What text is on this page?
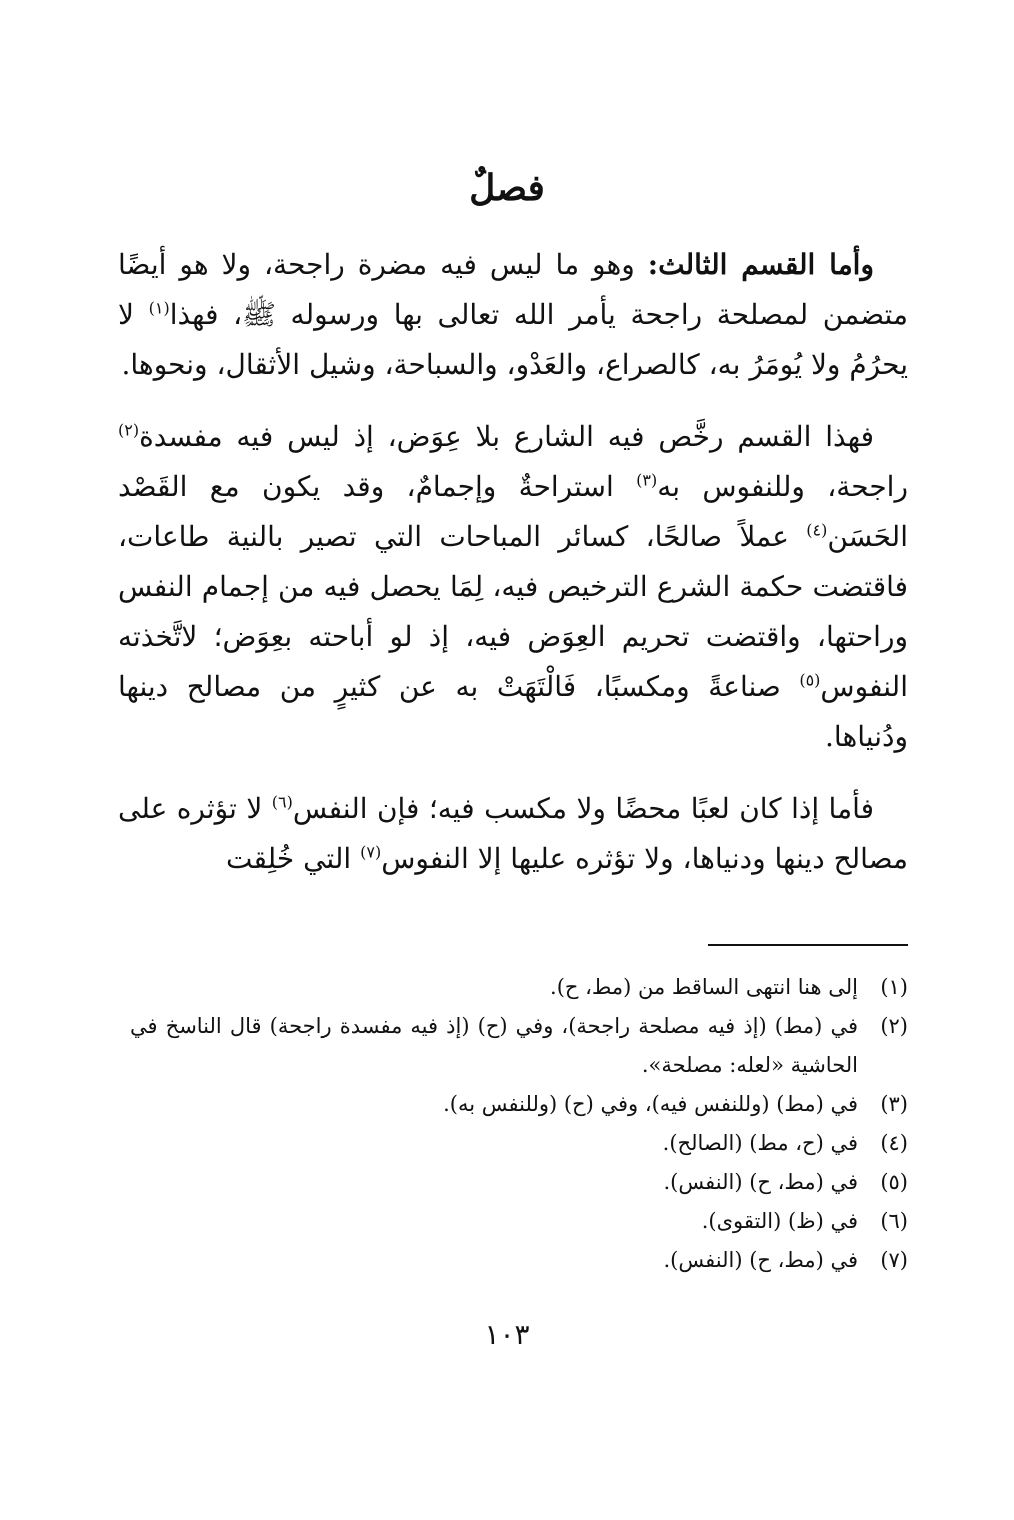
فصلٌ

وأما القسم الثالث: وهو ما ليس فيه مضرة راجحة، ولا هو أيضًا متضمن لمصلحة راجحة يأمر الله تعالى بها ورسوله ﷺ، فهذا$^{(١)}$ لا يحرُمُ ولا يُومَرُ به، كالصراع، والعَدْو، والسباحة، وشيل الأثقال، ونحوها.

فهذا القسم رخَّص فيه الشارع بلا عِوَض، إذ ليس فيه مفسدة$^{(٢)}$ راجحة، وللنفوس به$^{(٣)}$ استراحةٌ وإجمامٌ، وقد يكون مع القَصْد الحَسَن$^{(٤)}$ عملاً صالحًا، كسائر المباحات التي تصير بالنية طاعات، فاقتضت حكمة الشرع الترخيص فيه، لِمَا يحصل فيه من إجمام النفس وراحتها، واقتضت تحريم العِوَض فيه، إذ لو أباحته بعِوَض؛ لاتَّخذته النفوس$^{(٥)}$ صناعةً ومكسبًا، فَالْتَهَتْ به عن كثيرٍ من مصالح دينها ودُنياها.

فأما إذا كان لعبًا محضًا ولا مكسب فيه؛ فإن النفس$^{(٦)}$ لا تؤثره على مصالح دينها ودنياها، ولا تؤثره عليها إلا النفوس$^{(٧)}$ التي خُلِقت

(١)
إلى هنا انتهى الساقط من (مط، ح).
(٢)
في (مط) (إذ فيه مصلحة راجحة)، وفي (ح) (إذ فيه مفسدة راجحة) قال الناسخ في الحاشية «لعله: مصلحة».
(٣)
في (مط) (وللنفس فيه)، وفي (ح) (وللنفس به).
(٤)
في (ح، مط) (الصالح).
(٥)
في (مط، ح) (النفس).
(٦)
في (ظ) (التقوى).
(٧)
في (مط، ح) (النفس).
١٠٣
